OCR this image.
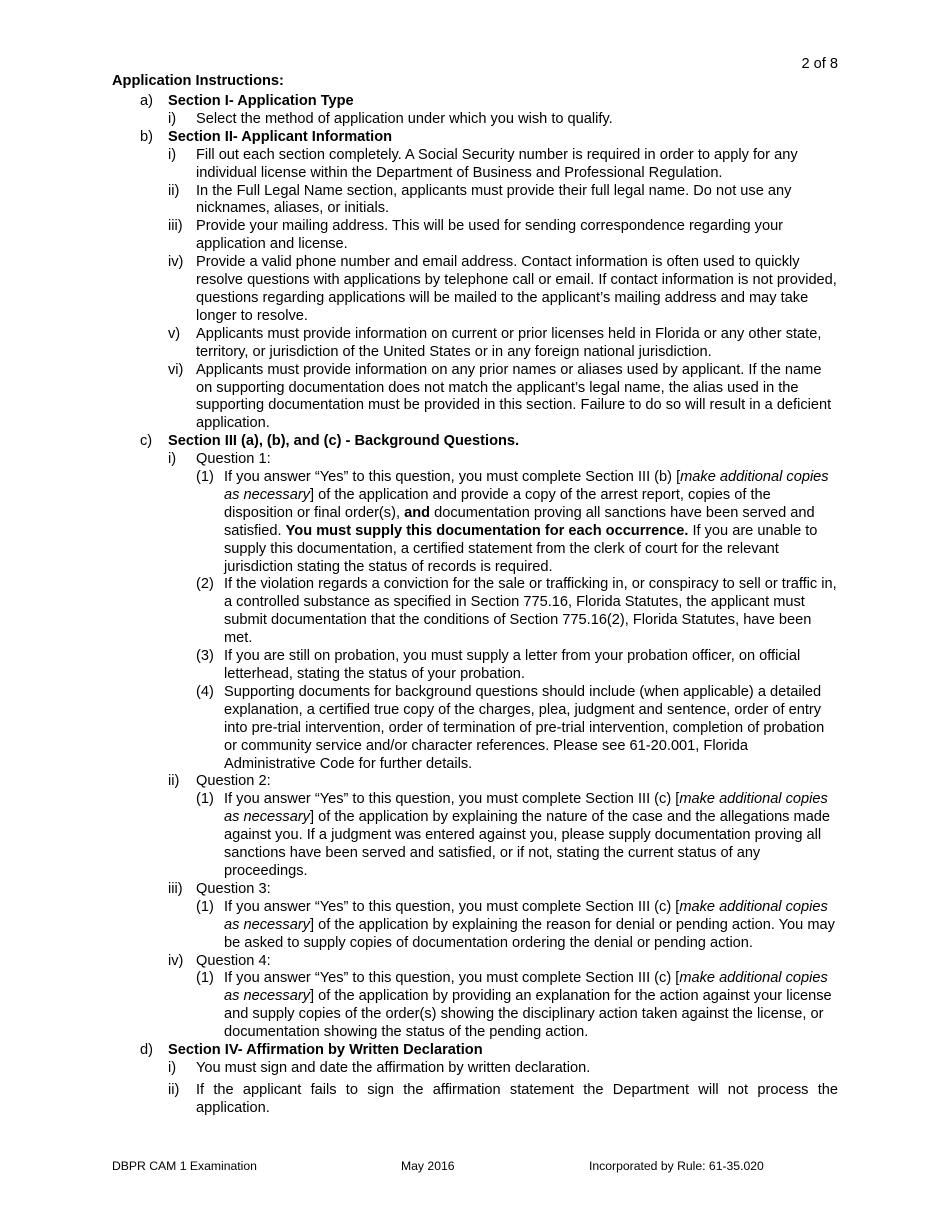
2 of 8
Application Instructions:
a) Section I- Application Type
i) Select the method of application under which you wish to qualify.
b) Section II- Applicant Information
i) Fill out each section completely. A Social Security number is required in order to apply for any individual license within the Department of Business and Professional Regulation.
ii) In the Full Legal Name section, applicants must provide their full legal name. Do not use any nicknames, aliases, or initials.
iii) Provide your mailing address. This will be used for sending correspondence regarding your application and license.
iv) Provide a valid phone number and email address. Contact information is often used to quickly resolve questions with applications by telephone call or email. If contact information is not provided, questions regarding applications will be mailed to the applicant’s mailing address and may take longer to resolve.
v) Applicants must provide information on current or prior licenses held in Florida or any other state, territory, or jurisdiction of the United States or in any foreign national jurisdiction.
vi) Applicants must provide information on any prior names or aliases used by applicant. If the name on supporting documentation does not match the applicant’s legal name, the alias used in the supporting documentation must be provided in this section. Failure to do so will result in a deficient application.
c) Section III (a), (b), and (c) - Background Questions.
i) Question 1:
(1) If you answer “Yes” to this question, you must complete Section III (b) [make additional copies as necessary] of the application and provide a copy of the arrest report, copies of the disposition or final order(s), and documentation proving all sanctions have been served and satisfied. You must supply this documentation for each occurrence. If you are unable to supply this documentation, a certified statement from the clerk of court for the relevant jurisdiction stating the status of records is required.
(2) If the violation regards a conviction for the sale or trafficking in, or conspiracy to sell or traffic in, a controlled substance as specified in Section 775.16, Florida Statutes, the applicant must submit documentation that the conditions of Section 775.16(2), Florida Statutes, have been met.
(3) If you are still on probation, you must supply a letter from your probation officer, on official letterhead, stating the status of your probation.
(4) Supporting documents for background questions should include (when applicable) a detailed explanation, a certified true copy of the charges, plea, judgment and sentence, order of entry into pre-trial intervention, order of termination of pre-trial intervention, completion of probation or community service and/or character references. Please see 61-20.001, Florida Administrative Code for further details.
ii) Question 2:
(1) If you answer “Yes” to this question, you must complete Section III (c) [make additional copies as necessary] of the application by explaining the nature of the case and the allegations made against you. If a judgment was entered against you, please supply documentation proving all sanctions have been served and satisfied, or if not, stating the current status of any proceedings.
iii) Question 3:
(1) If you answer “Yes” to this question, you must complete Section III (c) [make additional copies as necessary] of the application by explaining the reason for denial or pending action. You may be asked to supply copies of documentation ordering the denial or pending action.
iv) Question 4:
(1) If you answer “Yes” to this question, you must complete Section III (c) [make additional copies as necessary] of the application by providing an explanation for the action against your license and supply copies of the order(s) showing the disciplinary action taken against the license, or documentation showing the status of the pending action.
d) Section IV- Affirmation by Written Declaration
i) You must sign and date the affirmation by written declaration.
ii) If the applicant fails to sign the affirmation statement the Department will not process the application.
DBPR CAM 1 Examination	May 2016	Incorporated by Rule: 61-35.020
